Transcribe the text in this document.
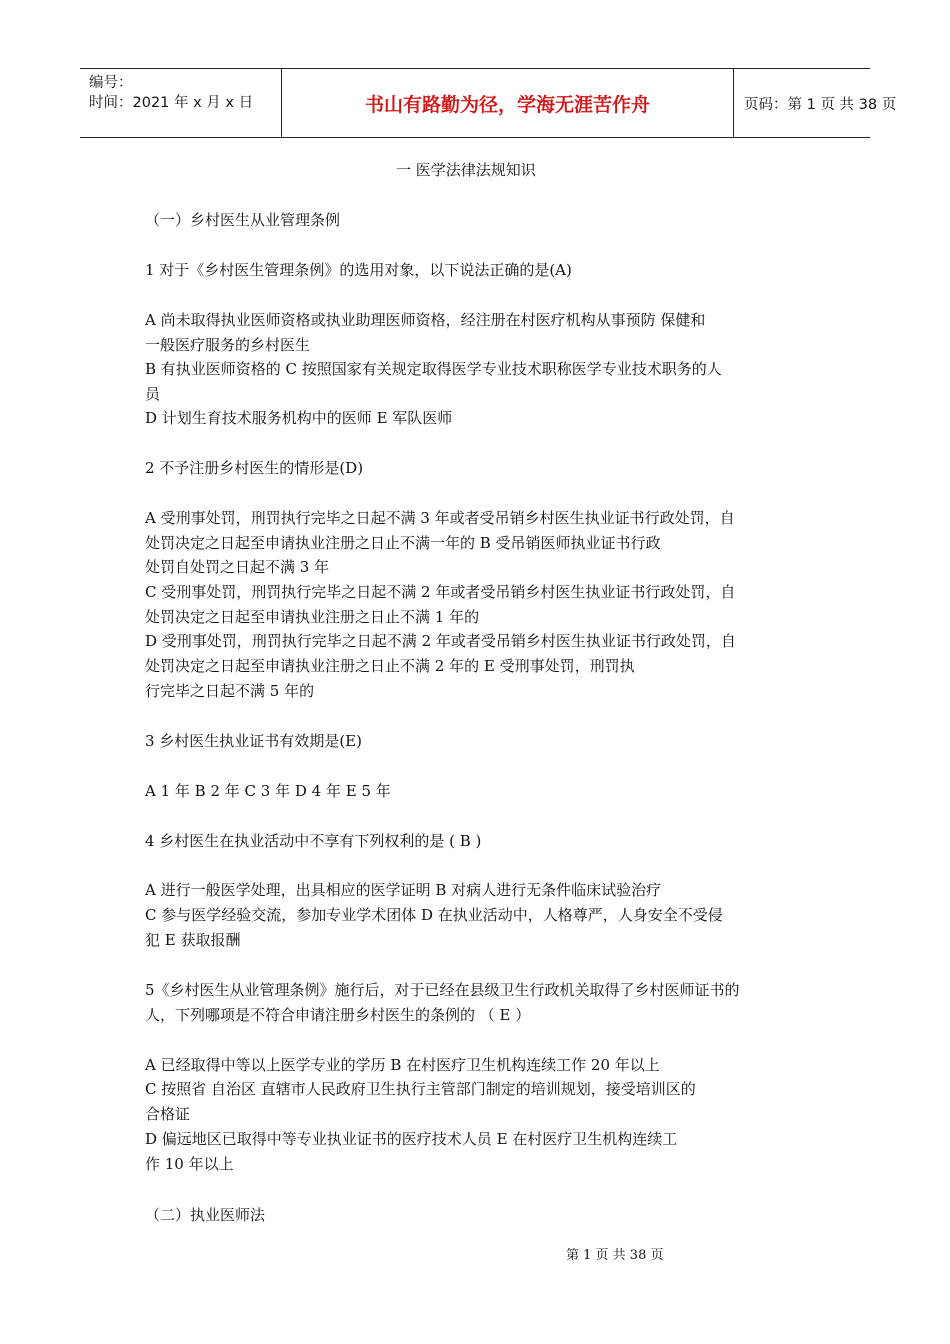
编号：
时间：2021 年 x 月 x 日	书山有路勤为径，学海无涯苦作舟	页码：第 1 页 共 38 页
一 医学法律法规知识
（一）乡村医生从业管理条例
1 对于《乡村医生管理条例》的选用对象，以下说法正确的是(A)
A 尚未取得执业医师资格或执业助理医师资格，经注册在村医疗机构从事预防 保健和
一般医疗服务的乡村医生
B 有执业医师资格的 C 按照国家有关规定取得医学专业技术职称医学专业技术职务的人
员
D 计划生育技术服务机构中的医师 E 军队医师
2 不予注册乡村医生的情形是(D)
A 受刑事处罚，刑罚执行完毕之日起不满 3 年或者受吊销乡村医生执业证书行政处罚，自
处罚决定之日起至申请执业注册之日止不满一年的 B 受吊销医师执业证书行政
处罚自处罚之日起不满 3 年
C 受刑事处罚，刑罚执行完毕之日起不满 2 年或者受吊销乡村医生执业证书行政处罚，自
处罚决定之日起至申请执业注册之日止不满 1 年的
D 受刑事处罚，刑罚执行完毕之日起不满 2 年或者受吊销乡村医生执业证书行政处罚，自
处罚决定之日起至申请执业注册之日止不满 2 年的 E 受刑事处罚，刑罚执
行完毕之日起不满 5 年的
3 乡村医生执业证书有效期是(E)
A 1 年 B 2 年 C 3 年 D 4 年 E 5 年
4 乡村医生在执业活动中不享有下列权利的是 ( B )
A 进行一般医学处理，出具相应的医学证明 B 对病人进行无条件临床试验治疗
C 参与医学经验交流，参加专业学术团体 D 在执业活动中，人格尊严，人身安全不受侵
犯 E 获取报酬
5《乡村医生从业管理条例》施行后，对于已经在县级卫生行政机关取得了乡村医师证书的
人，下列哪项是不符合申请注册乡村医生的条例的 （ E ）
A 已经取得中等以上医学专业的学历 B 在村医疗卫生机构连续工作 20 年以上
C 按照省 自治区 直辖市人民政府卫生执行主管部门制定的培训规划，接受培训区的
合格证
D 偏远地区已取得中等专业执业证书的医疗技术人员 E 在村医疗卫生机构连续工
作 10 年以上
（二）执业医师法
第 1 页 共 38 页
